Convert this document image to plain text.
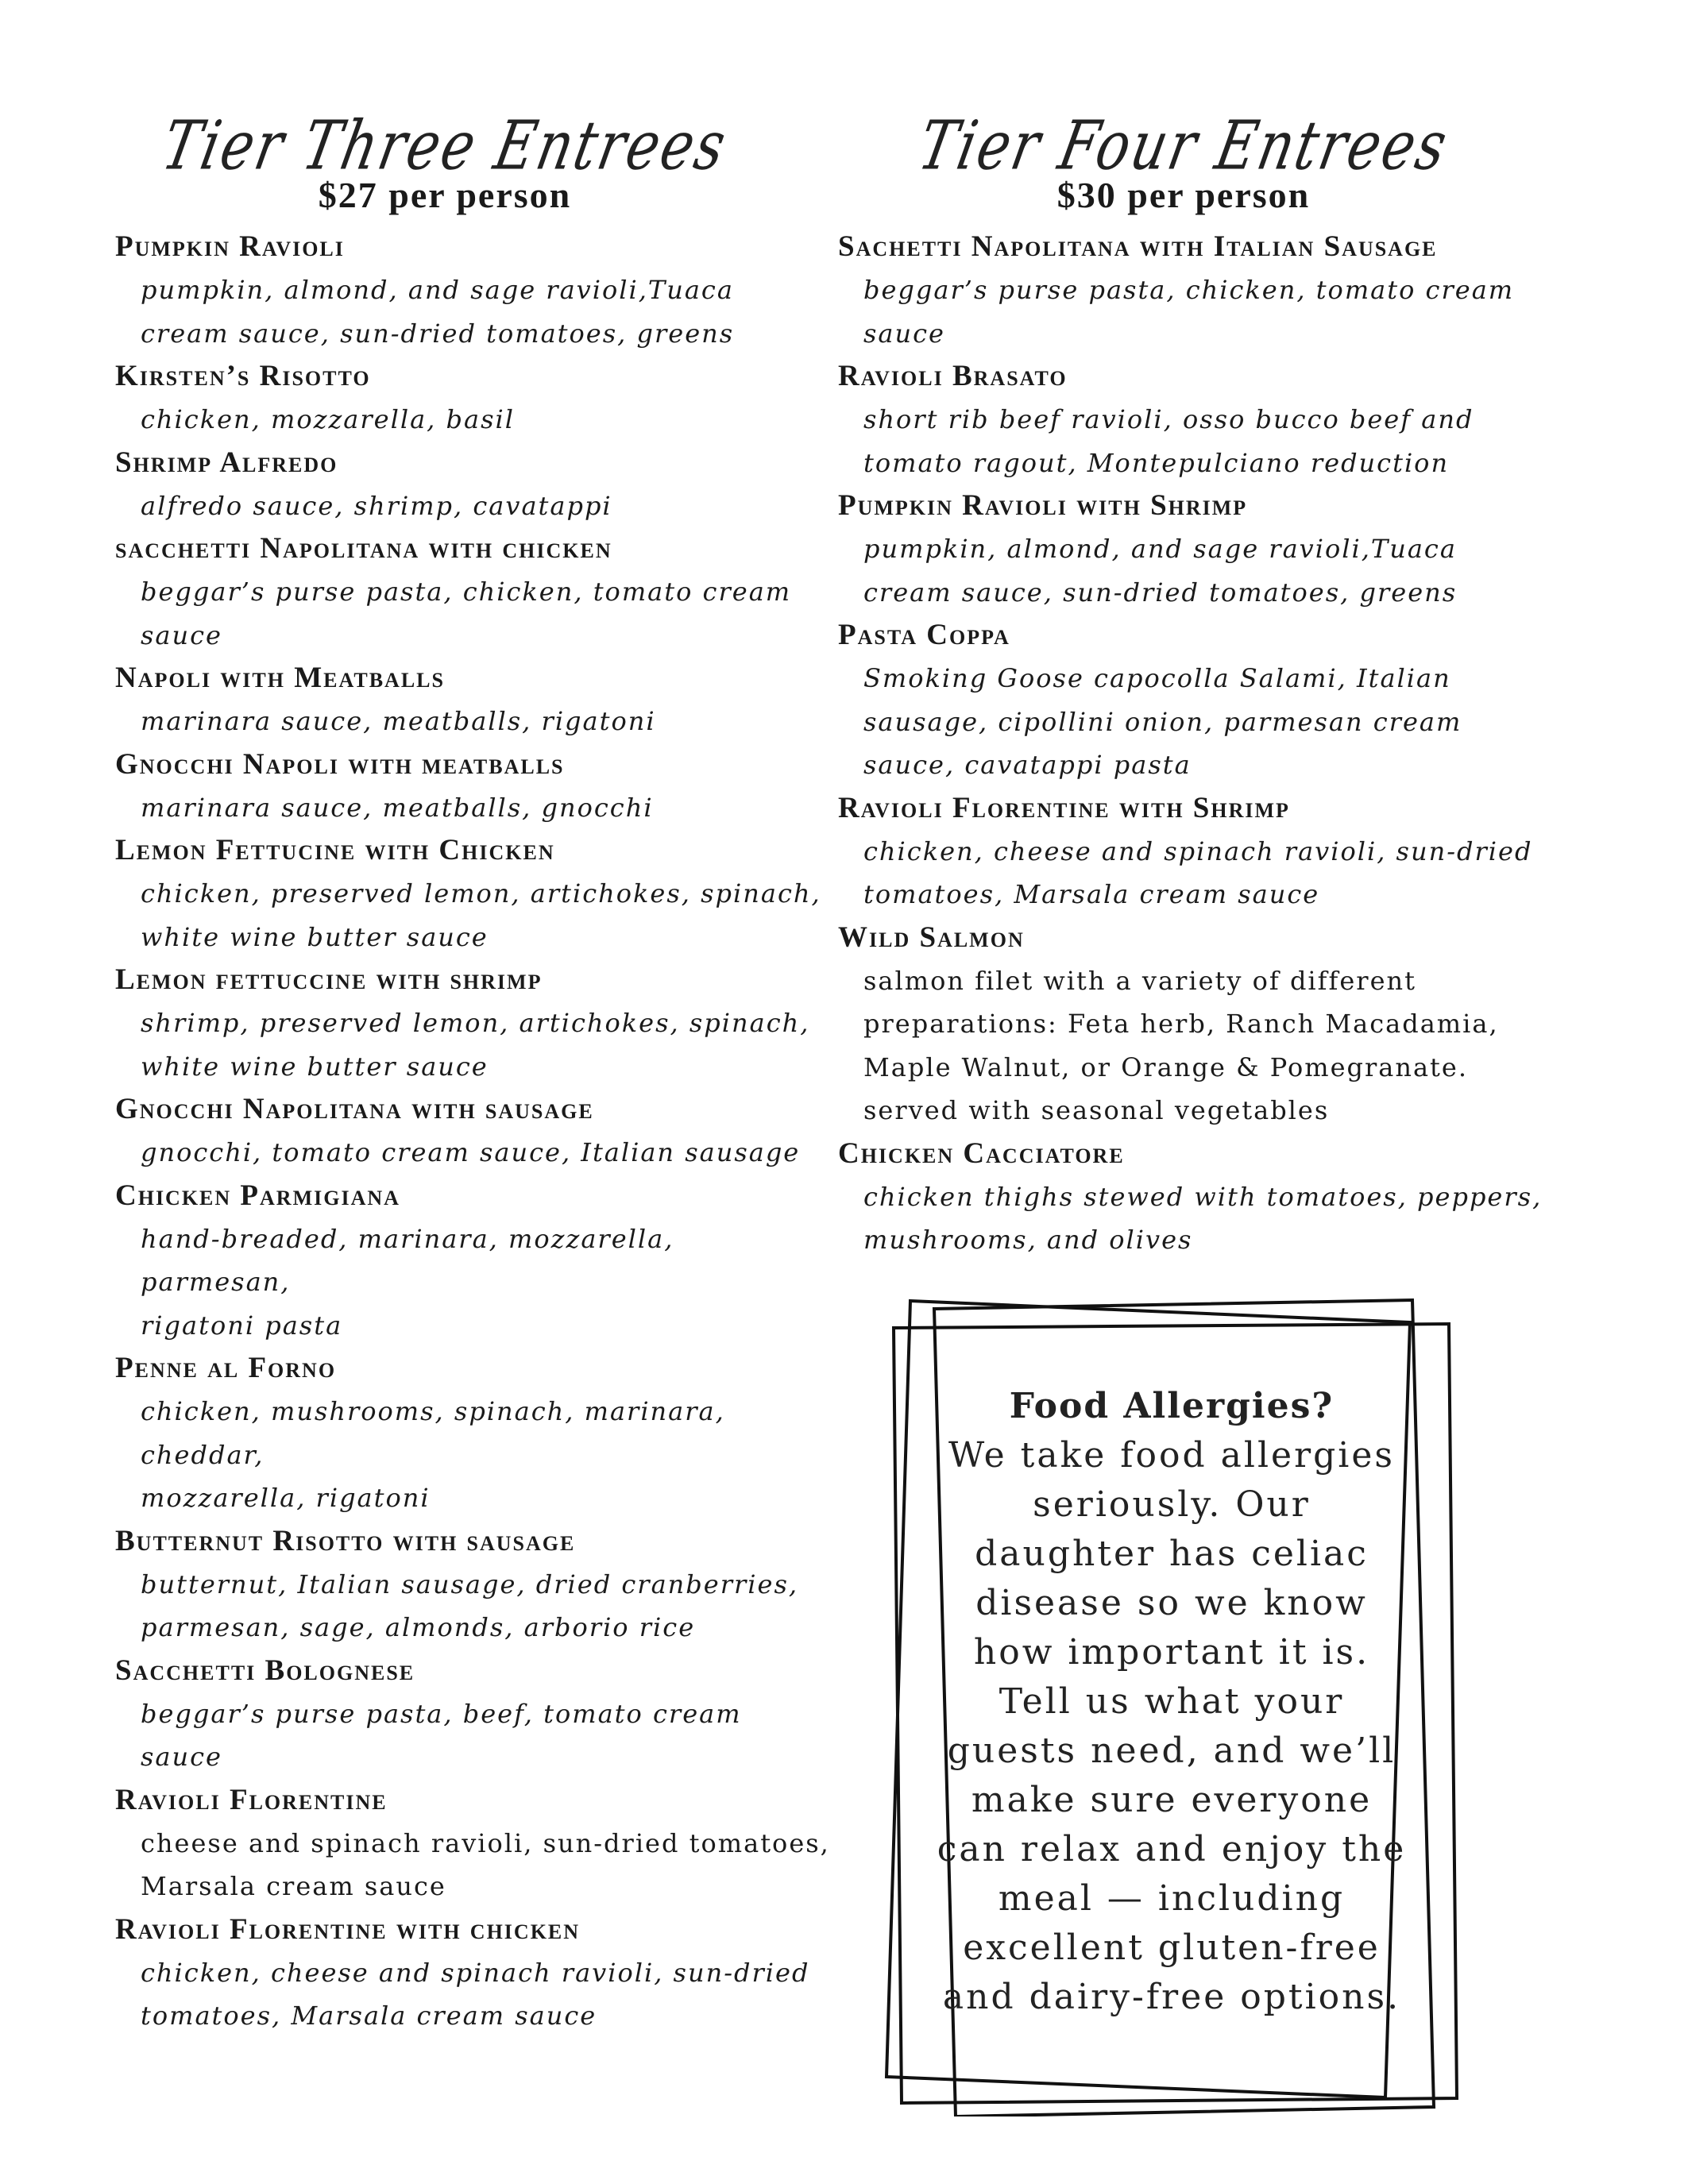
Tier Three Entrees
$27 per person
Pumpkin Ravioli
pumpkin, almond, and sage ravioli,Tuaca
cream sauce, sun-dried tomatoes, greens
Kirsten’s Risotto
chicken, mozzarella, basil
Shrimp Alfredo
alfredo sauce, shrimp, cavatappi
sacchetti Napolitana with chicken
beggar’s purse pasta, chicken, tomato cream
sauce
Napoli with Meatballs
marinara sauce, meatballs, rigatoni
Gnocchi Napoli with meatballs
marinara sauce, meatballs, gnocchi
Lemon Fettucine with Chicken
chicken, preserved lemon, artichokes, spinach,
white wine butter sauce
Lemon fettuccine with shrimp
shrimp, preserved lemon, artichokes, spinach,
white wine butter sauce
Gnocchi Napolitana with sausage
gnocchi, tomato cream sauce, Italian sausage
Chicken Parmigiana
hand-breaded, marinara, mozzarella, parmesan,
rigatoni pasta
Penne al Forno
chicken, mushrooms, spinach, marinara, cheddar,
mozzarella, rigatoni
Butternut Risotto with sausage
butternut, Italian sausage, dried cranberries,
parmesan, sage, almonds, arborio rice
Sacchetti Bolognese
beggar’s purse pasta, beef, tomato cream sauce
Ravioli Florentine
cheese and spinach ravioli, sun-dried tomatoes,
Marsala cream sauce
Ravioli Florentine with chicken
chicken, cheese and spinach ravioli, sun-dried
tomatoes, Marsala cream sauce
Tier Four Entrees
$30 per person
Sachetti Napolitana with Italian Sausage
beggar’s purse pasta, chicken, tomato cream
sauce
Ravioli Brasato
short rib beef ravioli, osso bucco beef and
tomato ragout, Montepulciano reduction
Pumpkin Ravioli with Shrimp
pumpkin, almond, and sage ravioli,Tuaca
cream sauce, sun-dried tomatoes, greens
Pasta Coppa
Smoking Goose capocolla Salami, Italian
sausage, cipollini onion, parmesan cream
sauce, cavatappi pasta
Ravioli Florentine with Shrimp
chicken, cheese and spinach ravioli, sun-dried
tomatoes, Marsala cream sauce
Wild Salmon
salmon filet with a variety of different
preparations: Feta herb, Ranch Macadamia,
Maple Walnut, or Orange & Pomegranate.
served with seasonal vegetables
Chicken Cacciatore
chicken thighs stewed with tomatoes, peppers,
mushrooms, and olives
Food Allergies?
We take food allergies
seriously. Our
daughter has celiac
disease so we know
how important it is.
Tell us what your
guests need, and we’ll
make sure everyone
can relax and enjoy the
meal — including
excellent gluten-free
and dairy-free options.
